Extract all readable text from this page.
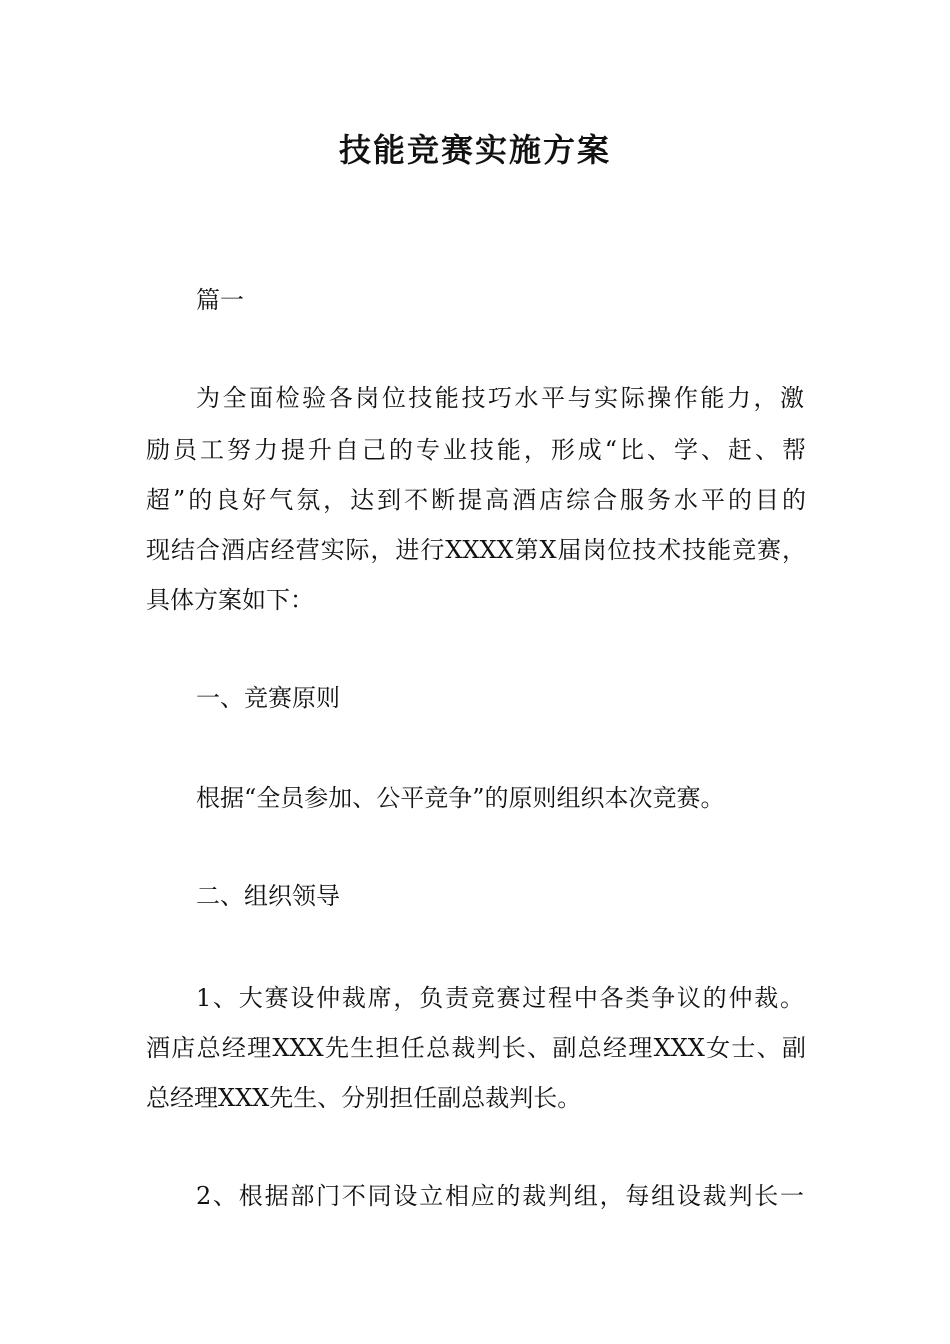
技能竞赛实施方案
篇一
为全面检验各岗位技能技巧水平与实际操作能力，激
励员工努力提升自己的专业技能，形成“比、学、赶、帮
超”的良好气氛，达到不断提高酒店综合服务水平的目的
现结合酒店经营实际，进行XXXX第X届岗位技术技能竞赛，
具体方案如下：
一、竞赛原则
根据“全员参加、公平竞争”的原则组织本次竞赛。
二、组织领导
1、大赛设仲裁席，负责竞赛过程中各类争议的仲裁。
酒店总经理XXX先生担任总裁判长、副总经理XXX女士、副
总经理XXX先生、分别担任副总裁判长。
2、根据部门不同设立相应的裁判组，每组设裁判长一
